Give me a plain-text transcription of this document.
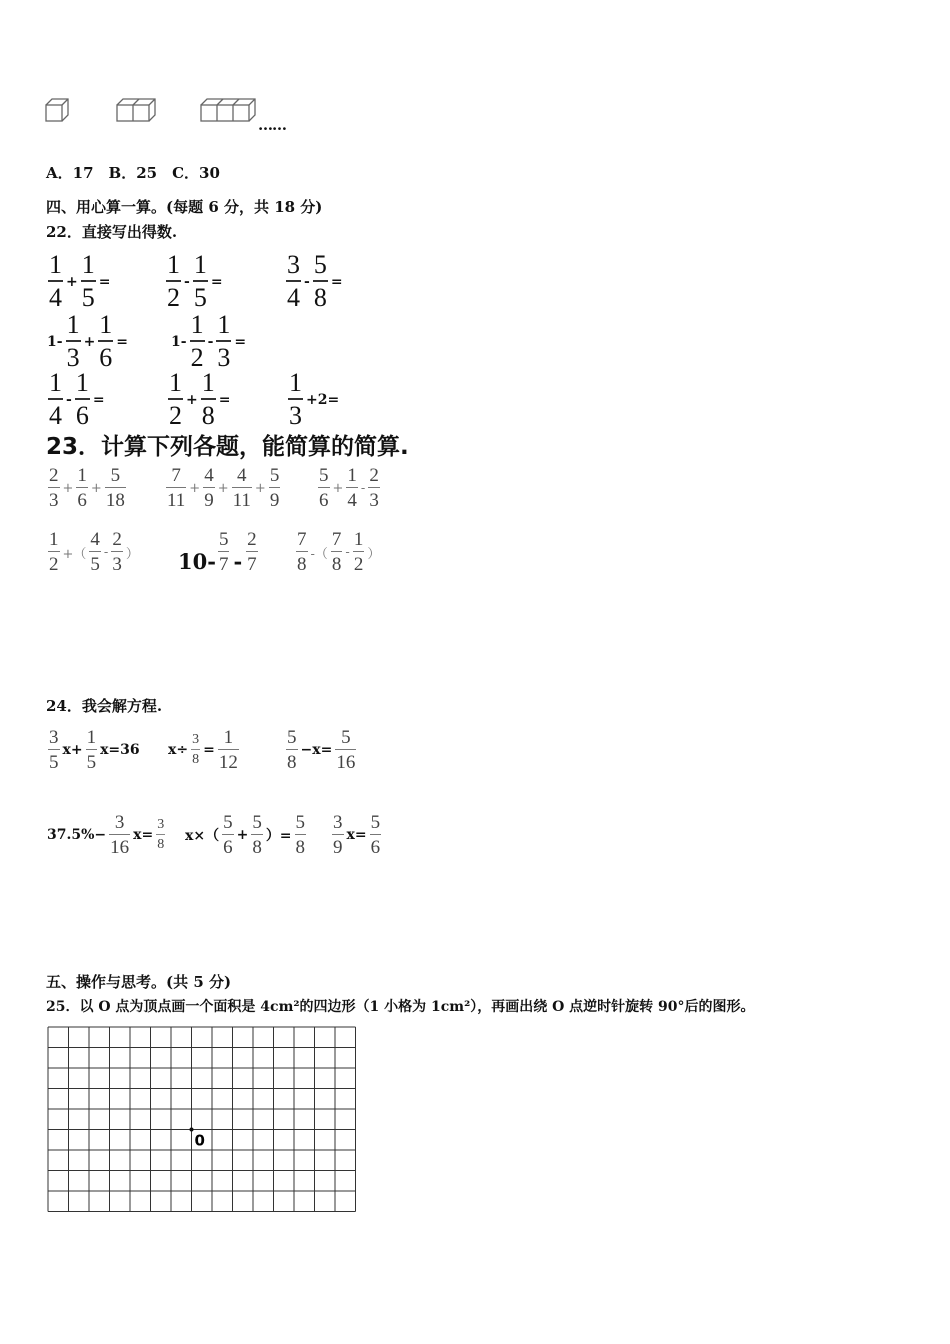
……
A．17　B．25　C．30
四、用心算一算。(每题 6 分，共 18 分)
22．直接写出得数.
1
4
+ $\frac{1}{5}$ =
1
2
- $\frac{1}{5}$ =
3
4
- $\frac{5}{8}$ =
1-
1
3
+ $\frac{1}{6}$ =	1-
1
2
- $\frac{1}{3}$ =
1
4
- $\frac{1}{6}$ =
1
2
+ $\frac{1}{8}$ =
1
3
+2=
23．计算下列各题，能简算的简算.
2
3
+ $\frac{1}{6} + \frac{5}{18} 7$
11
+ $\frac{4}{9} + \frac{4}{11} + \frac{5}{9} 5$
6
+ $\frac{1}{4}$ -
2
3
1
2 +（
4
5
-
2
3 ） 10-
5
7 -
2
7
7
8 -（
7
8
-
1
2 ）
24．我会解方程.
3
5
$x+ \frac{1}{5} x=36$ $x\div \frac{3}{8} = \frac{1}{12}$	5
8
$-x= \frac{5}{16}$
$37.5\%- \frac{3}{16} x= \frac{3}{8} x\times$（
5
6
+ $\frac{5}{8}$ ）= $\frac{5}{8} 3$
9
$x= \frac{5}{6}$
五、操作与思考。(共 5 分)
25．以 O 点为顶点画一个面积是 4cm²的四边形（1 小格为 1cm²），再画出绕 O 点逆时针旋转 90°后的图形。
0
